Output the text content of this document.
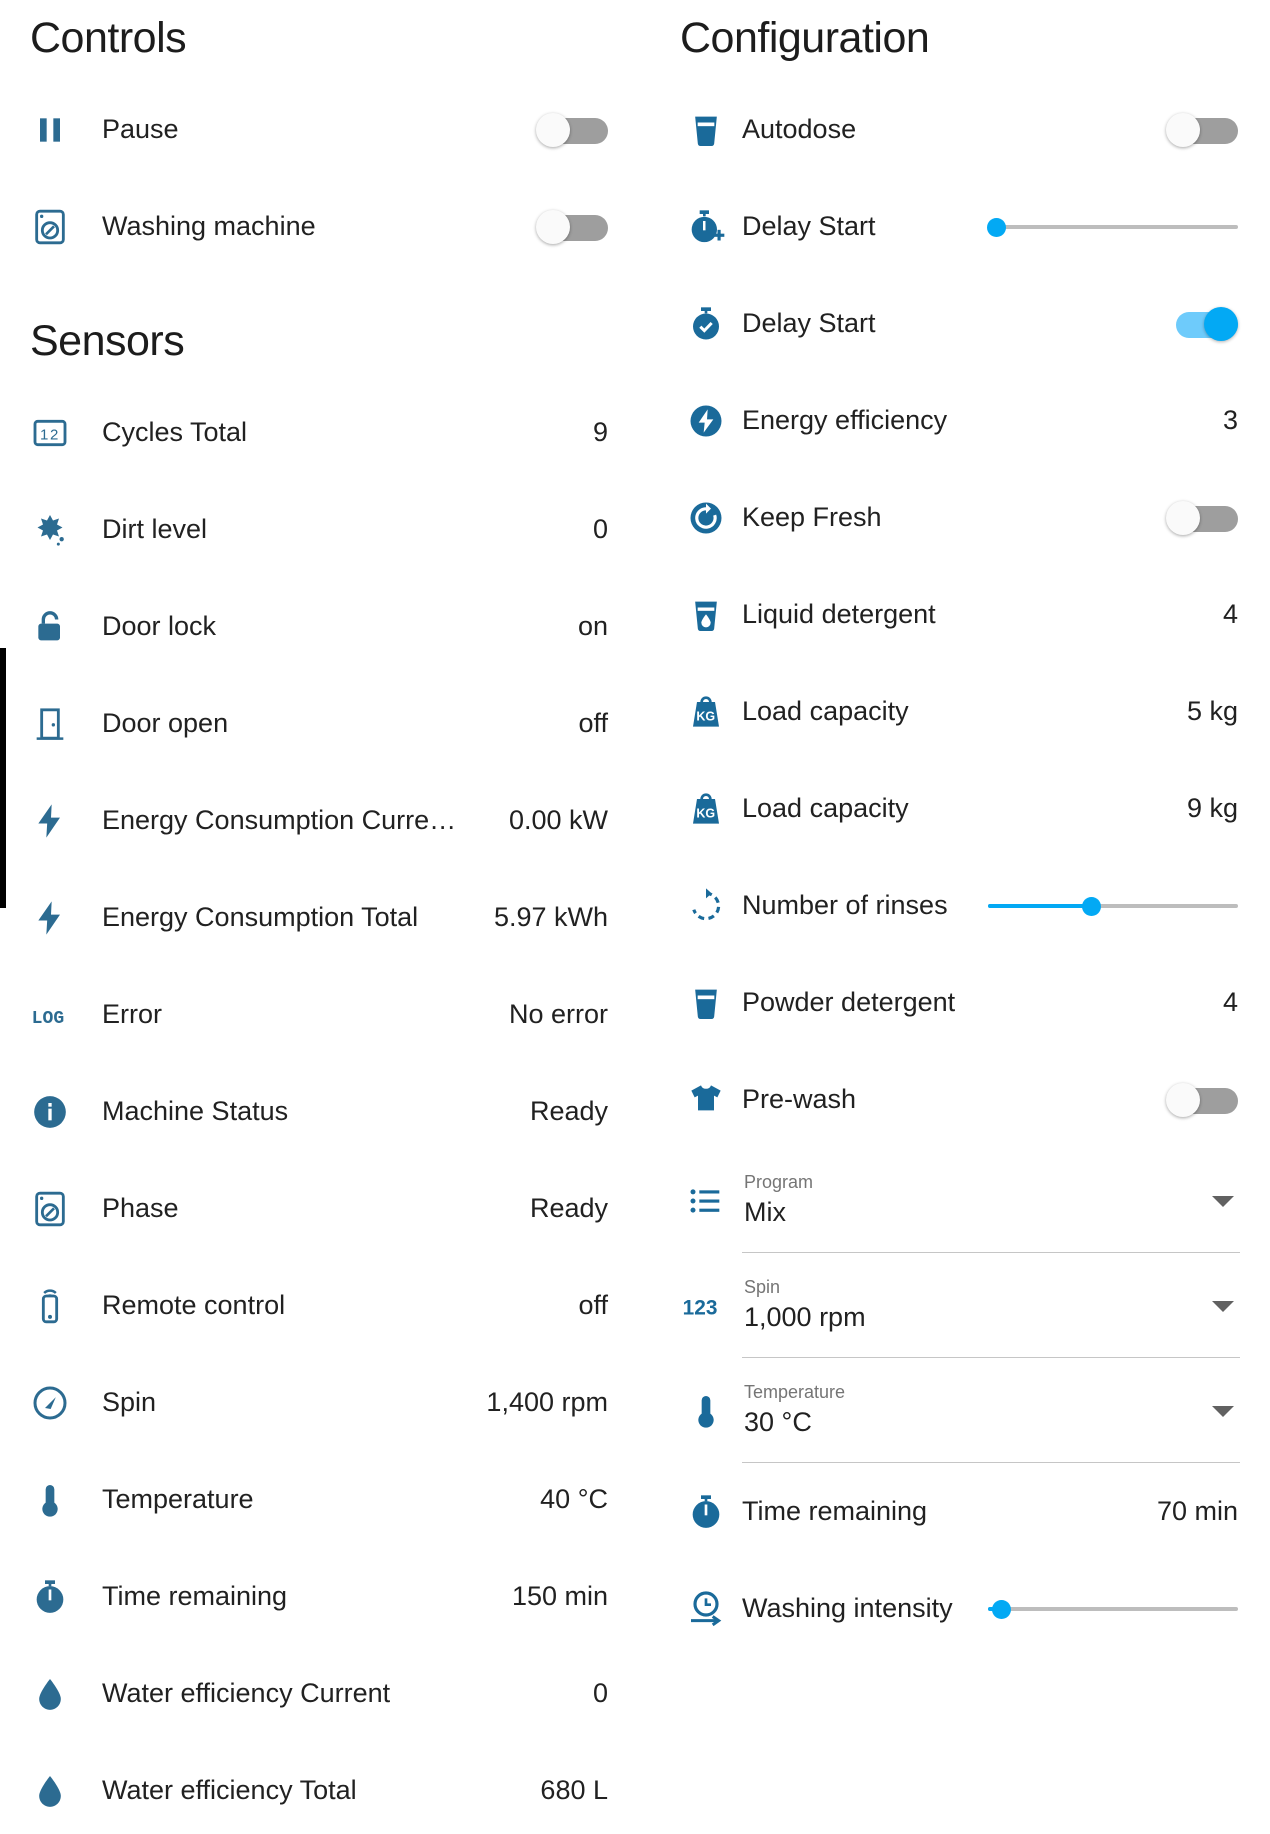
Controls
Pause
Washing machine
Sensors
1 2 Cycles Total	9
Dirt level	0
Door lock	on
Door open	off
Energy Consumption Curre…	0.00 kW
Energy Consumption Total	5.97 kWh
LOG Error	No error
Machine Status	Ready
Phase	Ready
Remote control	off
Spin	1,400 rpm
Temperature	40 °C
Time remaining	150 min
Water efficiency Current	0
Water efficiency Total	680 L
Configuration
Autodose
Delay Start
Delay Start
Energy efficiency	3
Keep Fresh
Liquid detergent	4
KG Load capacity	5 kg
KG Load capacity	9 kg
Number of rinses
Powder detergent	4
Pre-wash
Program
Mix
123
Spin
1,000 rpm
Temperature
30 °C
Time remaining	70 min
Washing intensity
